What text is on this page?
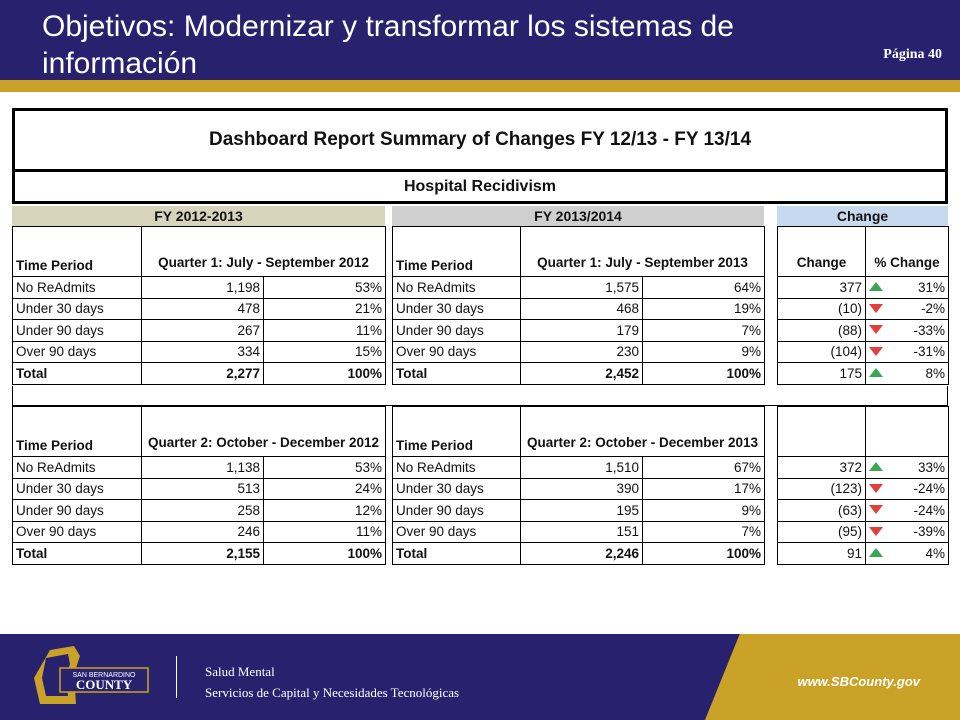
Objetivos: Modernizar y transformar los sistemas de información	Página 40
Dashboard Report Summary of Changes FY 12/13 - FY 13/14
Hospital Recidivism
FY 2012-2013	FY 2013/2014	Change
Time Period	Quarter 1: July - September 2012	
No ReAdmits	1,198	53%
Under 30 days	478	21%
Under 90 days	267	11%
Over 90 days	334	15%
Total	2,277	100%
Time Period	Quarter 1: July - September 2013	
No ReAdmits	1,575	64%
Under 30 days	468	19%
Under 90 days	179	7%
Over 90 days	230	9%
Total	2,452	100%
Change	% Change
377	31%
(10)	-2%
(88)	-33%
(104)	-31%
175	8%
Time Period	Quarter 2: October - December 2012	
No ReAdmits	1,138	53%
Under 30 days	513	24%
Under 90 days	258	12%
Over 90 days	246	11%
Total	2,155	100%
Time Period	Quarter 2: October - December 2013	
No ReAdmits	1,510	67%
Under 30 days	390	17%
Under 90 days	195	9%
Over 90 days	151	7%
Total	2,246	100%

372	33%
(123)	-24%
(63)	-24%
(95)	-39%
91	4%
SAN BERNARDINO
COUNTY
Salud Mental
Servicios de Capital y Necesidades Tecnológicas
www.SBCounty.gov
